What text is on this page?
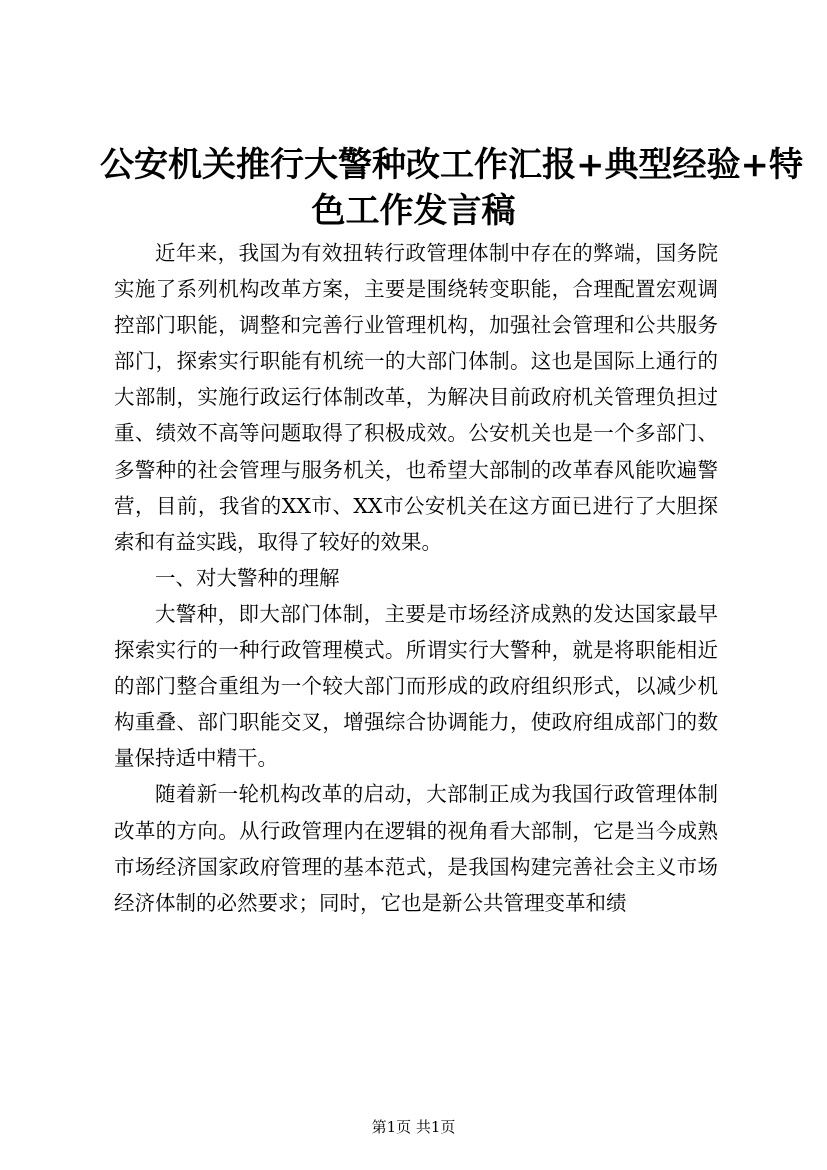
公安机关推行大警种改工作汇报+典型经验+特
色工作发言稿

近年来，我国为有效扭转行政管理体制中存在的弊端，国务院实施了系列机构改革方案，主要是围绕转变职能，合理配置宏观调控部门职能，调整和完善行业管理机构，加强社会管理和公共服务部门，探索实行职能有机统一的大部门体制。这也是国际上通行的大部制，实施行政运行体制改革，为解决目前政府机关管理负担过重、绩效不高等问题取得了积极成效。公安机关也是一个多部门、多警种的社会管理与服务机关，也希望大部制的改革春风能吹遍警营，目前，我省的XX市、XX市公安机关在这方面已进行了大胆探索和有益实践，取得了较好的效果。

一、对大警种的理解

大警种，即大部门体制，主要是市场经济成熟的发达国家最早探索实行的一种行政管理模式。所谓实行大警种，就是将职能相近的部门整合重组为一个较大部门而形成的政府组织形式，以减少机构重叠、部门职能交叉，增强综合协调能力，使政府组成部门的数量保持适中精干。

随着新一轮机构改革的启动，大部制正成为我国行政管理体制改革的方向。从行政管理内在逻辑的视角看大部制，它是当今成熟市场经济国家政府管理的基本范式，是我国构建完善社会主义市场经济体制的必然要求；同时，它也是新公共管理变革和绩

第1页 共1页
